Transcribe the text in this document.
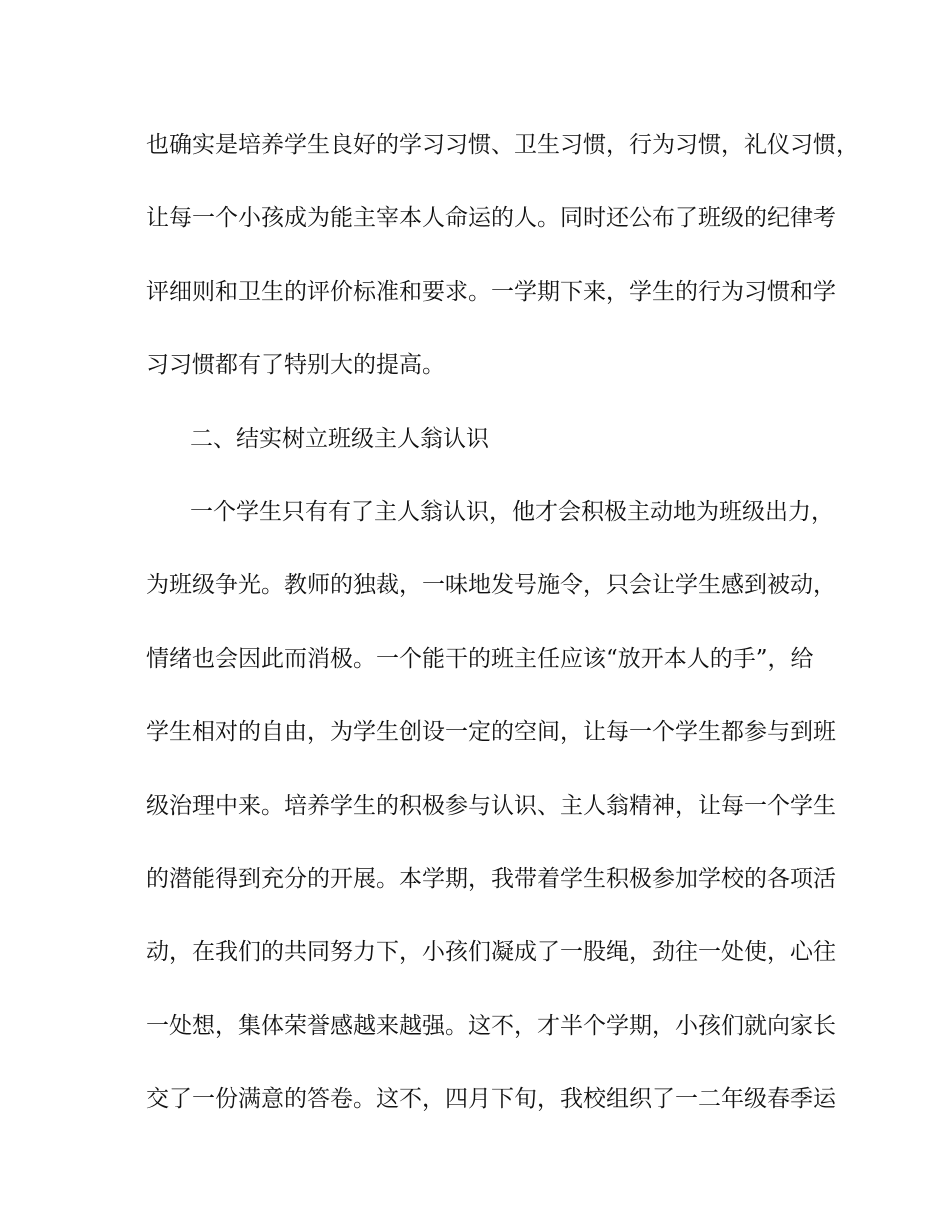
也确实是培养学生良好的学习习惯、卫生习惯，行为习惯，礼仪习惯，
让每一个小孩成为能主宰本人命运的人。同时还公布了班级的纪律考
评细则和卫生的评价标准和要求。一学期下来，学生的行为习惯和学
习习惯都有了特别大的提高。
二、结实树立班级主人翁认识
一个学生只有有了主人翁认识，他才会积极主动地为班级出力，
为班级争光。教师的独裁，一味地发号施令，只会让学生感到被动，
情绪也会因此而消极。一个能干的班主任应该“放开本人的手”，给
学生相对的自由，为学生创设一定的空间，让每一个学生都参与到班
级治理中来。培养学生的积极参与认识、主人翁精神，让每一个学生
的潜能得到充分的开展。本学期，我带着学生积极参加学校的各项活
动，在我们的共同努力下，小孩们凝成了一股绳，劲往一处使，心往
一处想，集体荣誉感越来越强。这不，才半个学期，小孩们就向家长
交了一份满意的答卷。这不，四月下旬，我校组织了一二年级春季运
